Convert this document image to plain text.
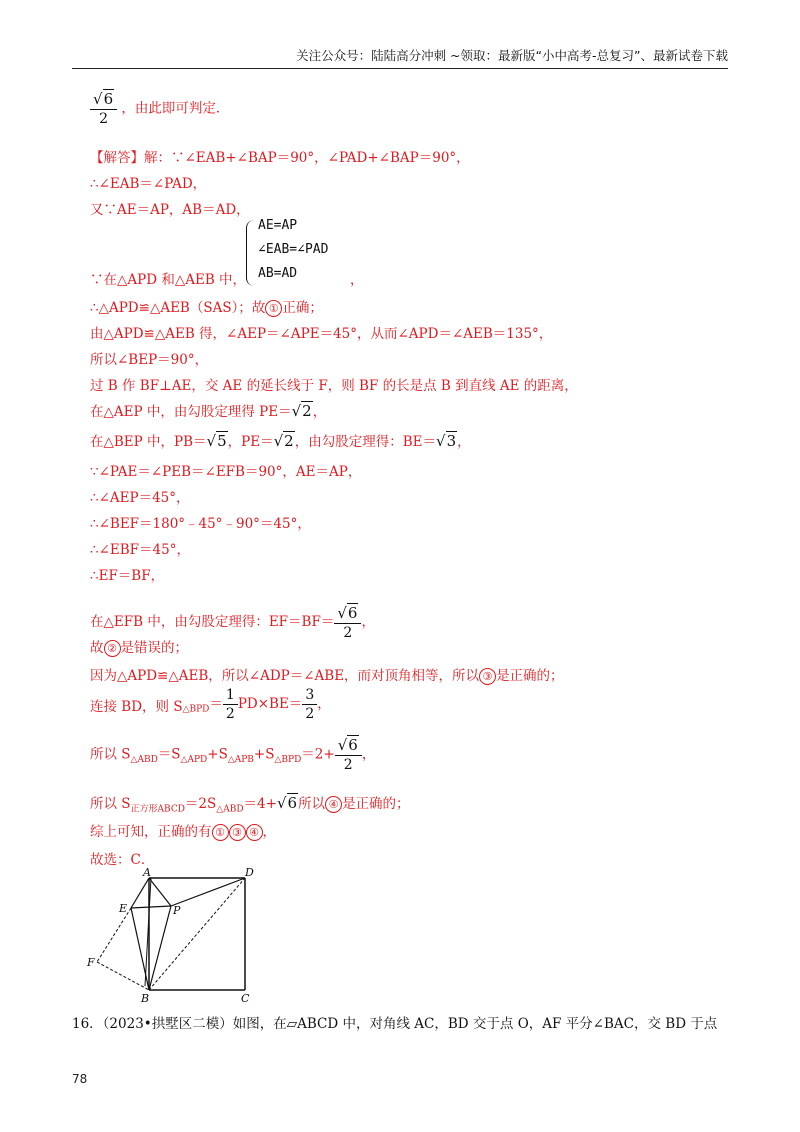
关注公众号：陆陆高分冲刺 ~领取：最新版“小中高考-总复习”、最新试卷下载
$\frac{√6}{2}$ ，由此即可判定．
【解答】解：∵∠EAB+∠BAP＝90°，∠PAD+∠BAP＝90°，
∴∠EAB＝∠PAD，
又∵AE＝AP，AB＝AD，
AE=AP
∠EAB=∠PAD
AB=AD
∵在△APD 和△AEB 中，	，
∴△APD≌△AEB（SAS）；故 ① 正确；
由△APD≌△AEB 得，∠AEP＝∠APE＝45°，从而∠APD＝∠AEB＝135°，
所以∠BEP＝90°，
过 B 作 BF⊥AE，交 AE 的延长线于 F，则 BF 的长是点 B 到直线 AE 的距离，
在△AEP 中，由勾股定理得 PE＝√2，
在△BEP 中，PB＝√5，PE＝√2，由勾股定理得：BE＝√3，
∵∠PAE＝∠PEB＝∠EFB＝90°，AE＝AP，
∴∠AEP＝45°，
∴∠BEF＝180°﹣45°﹣90°＝45°，
∴∠EBF＝45°，
∴EF＝BF，
在△EFB 中，由勾股定理得：$EF=BF= \frac{√6}{2}$ ，
故 ② 是错误的；
因为△APD≌△AEB，所以∠ADP＝∠ABE，而对顶角相等，所以 ③ 是正确的；
连接 BD，则 $S_{\triangle BPD}= \frac{1}{2} PD\times BE= \frac{3}{2}$ ，
所以 $S_{\triangle ABD}=S_{\triangle APD}+S_{\triangle APB}+S_{\triangle BPD}=2+ \frac{√6}{2}$ ，
所以 $S_{正方形ABCD}=2S_{\triangle ABD}=4+√6$所以 ④ 是正确的；
综上可知，正确的有 ① ③ ④ ，
故选：C．
A	D
E	P
F
B	C
16．（2023•拱墅区二模）如图，在▱ABCD 中，对角线 AC，BD 交于点 O，AF 平分∠BAC，交 BD 于点
78
